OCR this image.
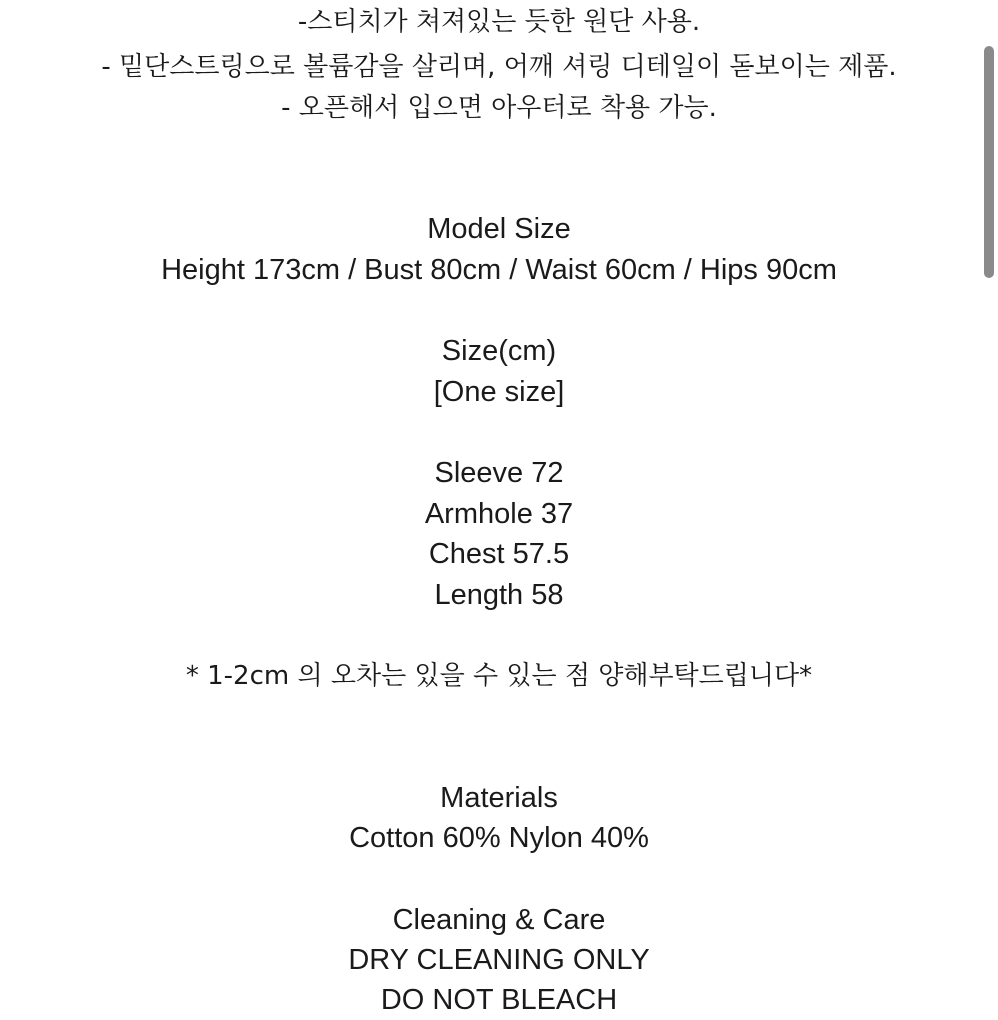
-스티치가 쳐져있는 듯한 원단 사용.
- 밑단스트링으로 볼륨감을 살리며, 어깨 셔링 디테일이 돋보이는 제품.
- 오픈해서 입으면 아우터로 착용 가능.
Model Size
Height 173cm / Bust 80cm / Waist 60cm / Hips 90cm
Size(cm)
[One size]
Sleeve 72
Armhole 37
Chest 57.5
Length 58
* 1-2cm 의 오차는 있을 수 있는 점 양해부탁드립니다*
Materials
Cotton 60% Nylon 40%
Cleaning & Care
DRY CLEANING ONLY
DO NOT BLEACH
